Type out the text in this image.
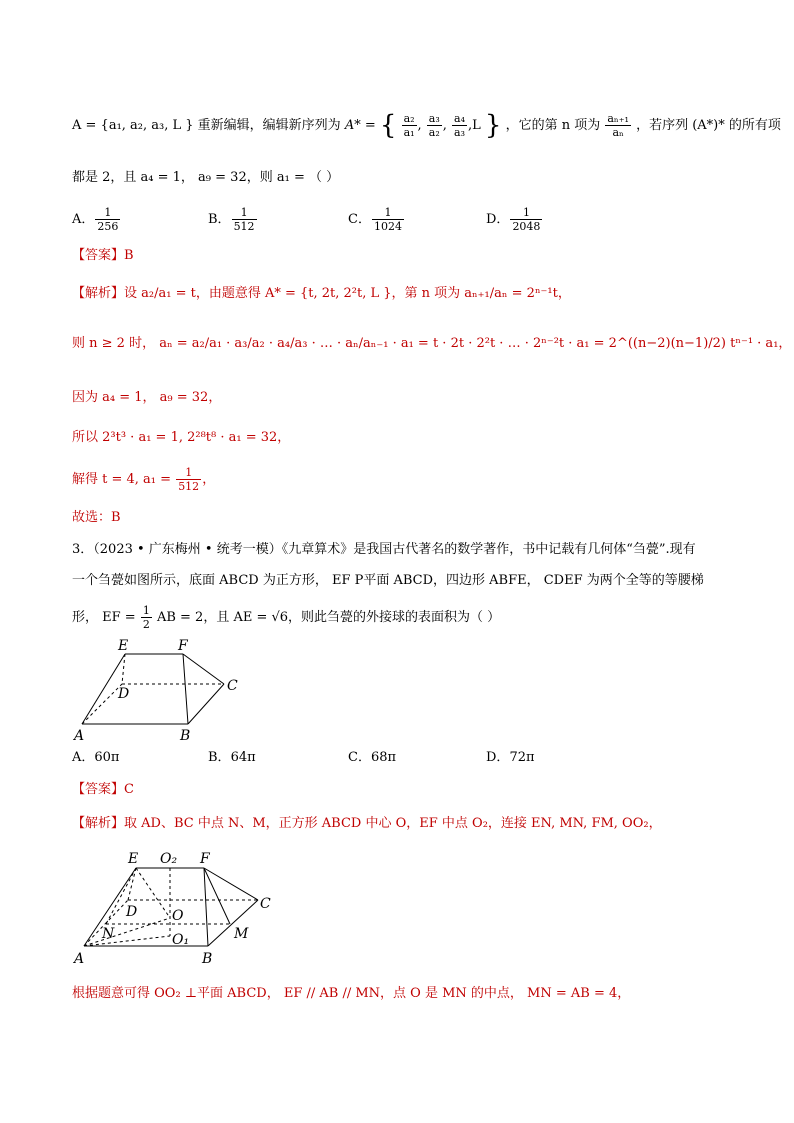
A = {a₁, a₂, a₃, L } 重新编辑，编辑新序列为 A* = { $\frac{\text{a₂}}{\text{a₁}}$ , $\frac{\text{a₃}}{\text{a₂}}$ , $\frac{\text{a₄}}{\text{a₃}} ,L$ } ，它的第 n 项为 $\frac{\text{aₙ₊₁}}{\text{aₙ}}$ ，若序列 (A*)* 的所有项
都是 2，且 a₄ = 1， a₉ = 32，则 a₁ = （ ）
A． $\frac{1}{256}$	B． $\frac{1}{512}$	C． $\frac{1}{1024}$	D． $\frac{1}{2048}$
【答案】B
【解析】设 a₂/a₁ = t，由题意得 A* = {t, 2t, 2²t, L }，第 n 项为 aₙ₊₁/aₙ = 2ⁿ⁻¹t，
则 n ≥ 2 时， aₙ = a₂/a₁ · a₃/a₂ · a₄/a₃ · … · aₙ/aₙ₋₁ · a₁ = t · 2t · 2²t · … · 2ⁿ⁻²t · a₁ = 2^((n−2)(n−1)/2) tⁿ⁻¹ · a₁，
因为 a₄ = 1， a₉ = 32，
所以 2³t³ · a₁ = 1, 2²⁸t⁸ · a₁ = 32，
解得 t = 4, $a_1 = \frac{1}{512}$ ，
故选：B
3．（2023 • 广东梅州 • 统考一模）《九章算术》是我国古代著名的数学著作，书中记载有几何体“刍甍”.现有
一个刍甍如图所示，底面 ABCD 为正方形， EF P平面 ABCD，四边形 ABFE， CDEF 为两个全等的等腰梯
形， EF = $\frac{1}{2}$ AB = 2，且 AE = √6，则此刍甍的外接球的表面积为（ ）
E	F
D	C
A	B
A．60π	B．64π	C．68π	D．72π
【答案】C
【解析】取 AD、BC 中点 N、M，正方形 ABCD 中心 O，EF 中点 O₂，连接 EN, MN, FM, OO₂，
E O₂ F
D O
C
N	O₁	M
A	B
根据题意可得 OO₂ ⊥平面 ABCD， EF // AB // MN，点 O 是 MN 的中点， MN = AB = 4，
